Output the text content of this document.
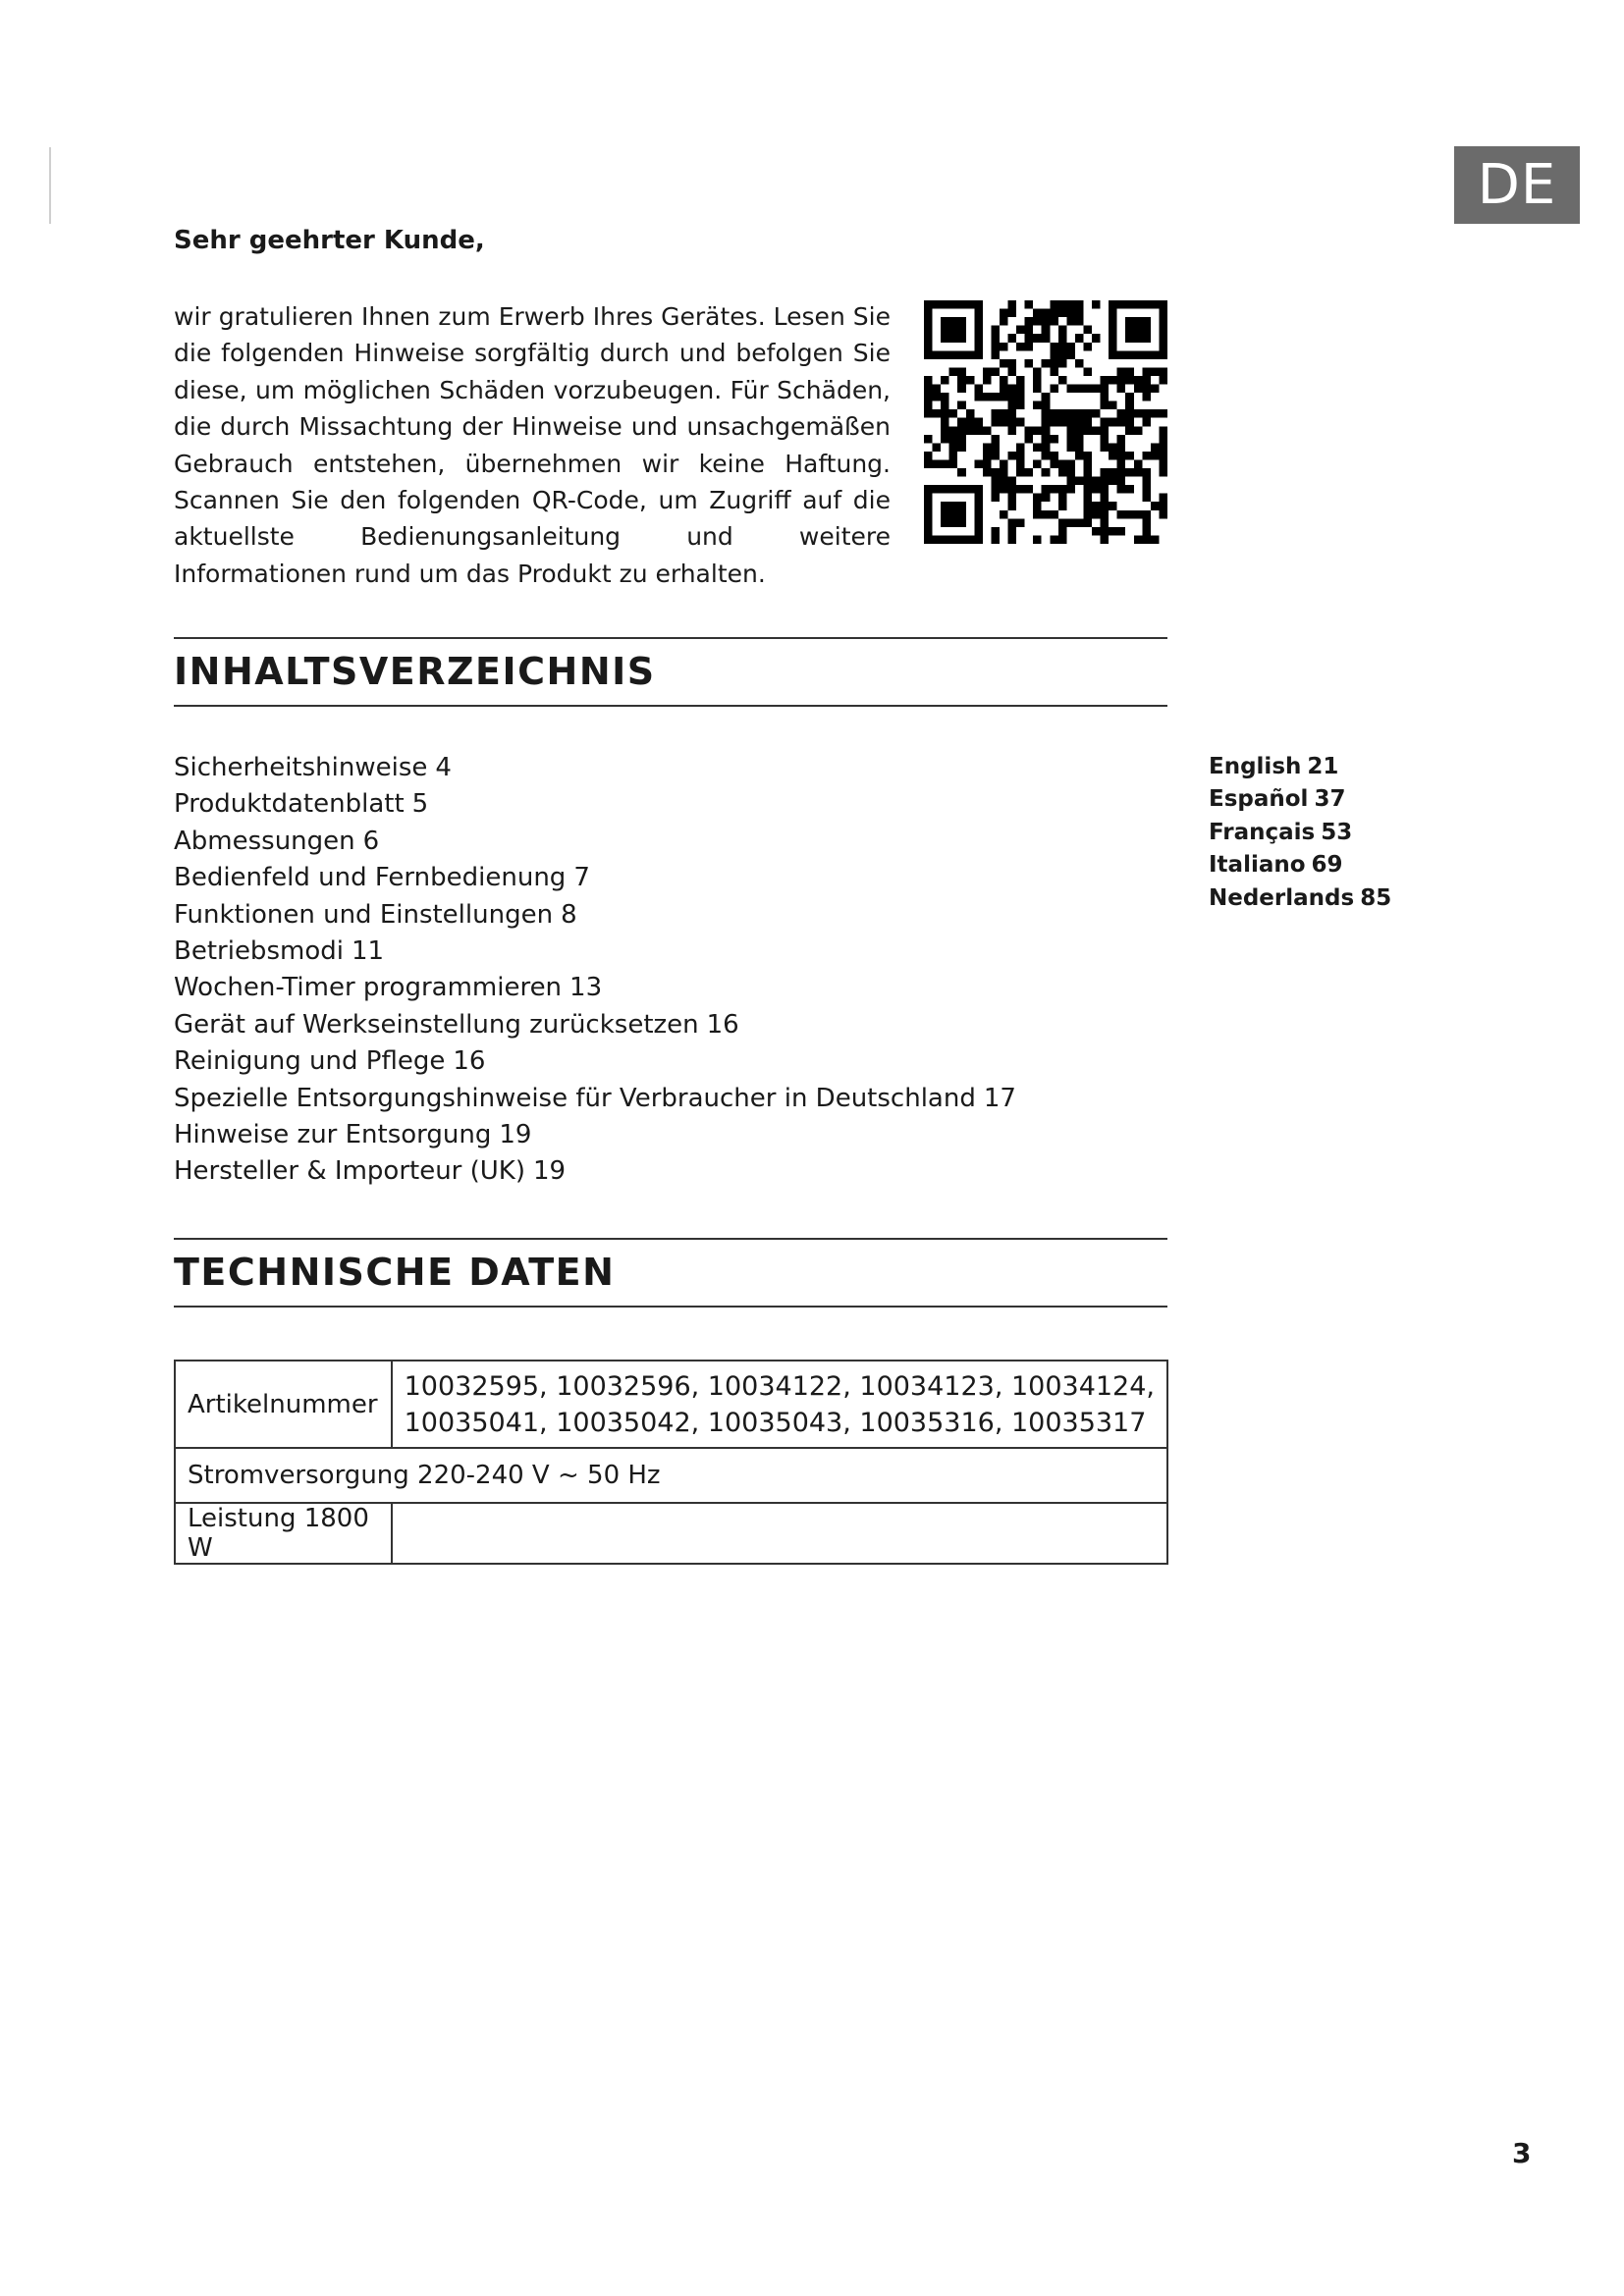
DE
Sehr geehrter Kunde,

wir gratulieren Ihnen zum Erwerb Ihres Gerätes. Lesen Sie die folgenden Hinweise sorgfältig durch und befolgen Sie diese, um möglichen Schäden vorzubeugen. Für Schäden, die durch Missachtung der Hinweise und unsachgemäßen Gebrauch entstehen, übernehmen wir keine Haftung. Scannen Sie den folgenden QR-Code, um Zugriff auf die aktuellste Bedienungsanleitung und weitere Informationen rund um das Produkt zu erhalten.

INHALTSVERZEICHNIS
Sicherheitshinweise 4
Produktdatenblatt 5
Abmessungen 6
Bedienfeld und Fernbedienung 7
Funktionen und Einstellungen 8
Betriebsmodi 11
Wochen-Timer programmieren 13
Gerät auf Werkseinstellung zurücksetzen 16
Reinigung und Pflege 16
Spezielle Entsorgungshinweise für Verbraucher in Deutschland 17
Hinweise zur Entsorgung 19
Hersteller & Importeur (UK) 19
English 21
Español 37
Français 53
Italiano 69
Nederlands 85
TECHNISCHE DATEN
Artikelnummer	10032595, 10032596, 10034122, 10034123, 10034124,
10035041, 10035042, 10035043, 10035316, 10035317

Stromversorgung 220-240 V ~ 50 Hz	
Leistung 1800 W	
3
